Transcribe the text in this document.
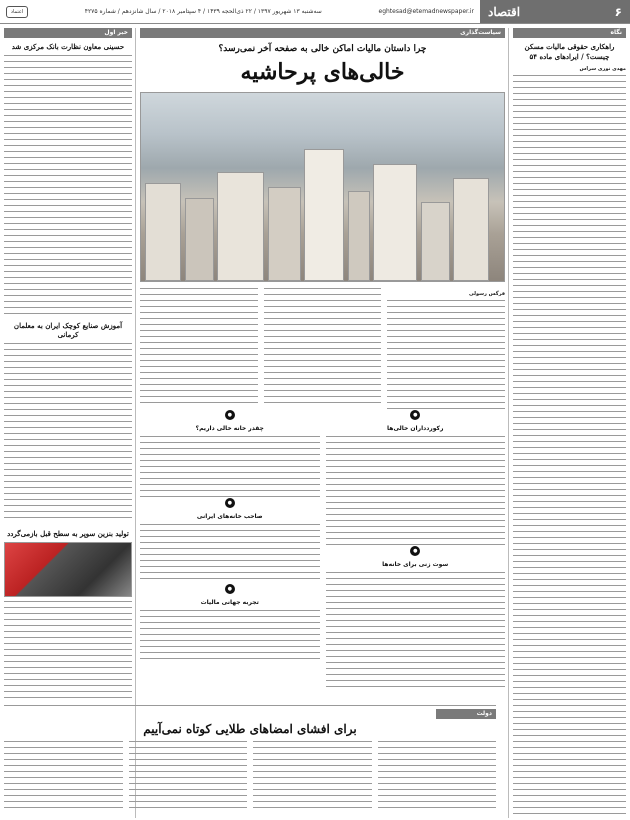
اعتماد	سه‌شنبه ۱۳ شهریور ۱۳۹۷ / ۲۲ ذی‌الحجه ۱۴۳۹ / ۴ سپتامبر ۲۰۱۸ / سال شانزدهم / شماره ۴۲۷۵	eghtesad@etemadnewspaper.ir اقتصاد	۶
نگاه
راهکاری حقوقی مالیات مسکن چیست؟ / ایرادهای ماده ۵۴
مهدی نوری سراس
سیاست‌گذاری
چرا داستان مالیات اماکن خالی به صفحه آخر نمی‌رسد؟
خالی‌های پرحاشیه
فرگس رسولی
●
رکوردداران خالی‌ها
●
سوت زنی برای خانه‌ها
●
چقدر خانه خالی داریم؟
●
صاحب خانه‌های ایرانی
●
تجربه جهانی مالیات
خبر اول
حسینی معاون نظارت بانک مرکزی شد
آموزش صنایع کوچک ایران به معلمان کرمانی
تولید بنزین سوپر به سطح قبل بازمی‌گردد
دولت
برای افشای امضاهای طلایی کوتاه نمی‌آییم
